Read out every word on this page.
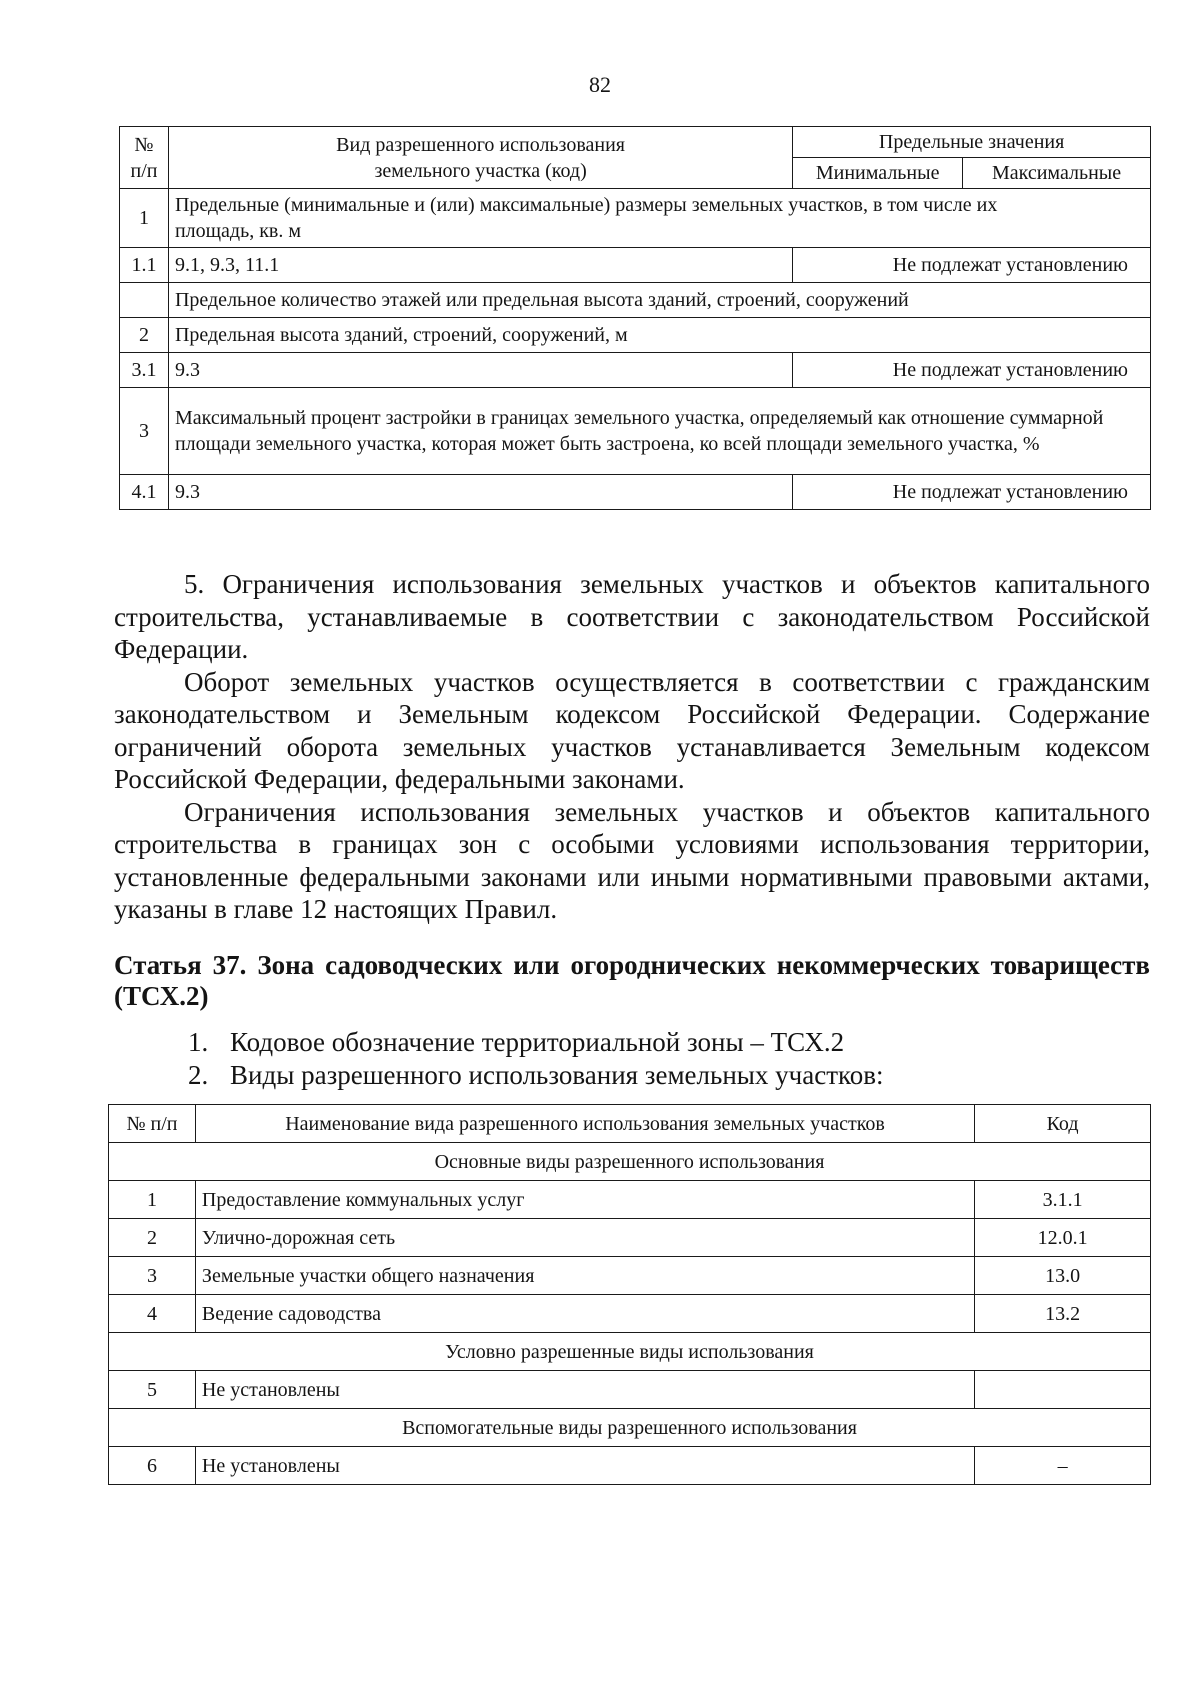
82
№ п/п	Вид разрешенного использования земельного участка (код)	Предельные значения	
		Минимальные	Максимальные
1	Предельные (минимальные и (или) максимальные) размеры земельных участков, в том числе их площадь, кв. м		
1.1	9.1, 9.3, 11.1	Не подлежат установлению	
	Предельное количество этажей или предельная высота зданий, строений, сооружений		
2	Предельная высота зданий, строений, сооружений, м		
3.1	9.3	Не подлежат установлению	
3	Максимальный процент застройки в границах земельного участка, определяемый как отношение суммарной площади земельного участка, которая может быть застроена, ко всей площади земельного участка, %		
4.1	9.3	Не подлежат установлению	

5. Ограничения использования земельных участков и объектов капитального строительства, устанавливаемые в соответствии с законодательством Российской Федерации.

Оборот земельных участков осуществляется в соответствии с гражданским законодательством и Земельным кодексом Российской Федерации. Содержание ограничений оборота земельных участков устанавливается Земельным кодексом Российской Федерации, федеральными законами.

Ограничения использования земельных участков и объектов капитального строительства в границах зон с особыми условиями использования территории, установленные федеральными законами или иными нормативными правовыми актами, указаны в главе 12 настоящих Правил.

Статья 37. Зона садоводческих или огороднических некоммерческих товариществ (ТСХ.2)
1. Кодовое обозначение территориальной зоны – ТСХ.2
2. Виды разрешенного использования земельных участков:
№ п/п	Наименование вида разрешенного использования земельных участков	Код
Основные виды разрешенного использования		
1	Предоставление коммунальных услуг	3.1.1
2	Улично-дорожная сеть	12.0.1
3	Земельные участки общего назначения	13.0
4	Ведение садоводства	13.2
Условно разрешенные виды использования		
5	Не установлены	
Вспомогательные виды разрешенного использования		
6	Не установлены	–
